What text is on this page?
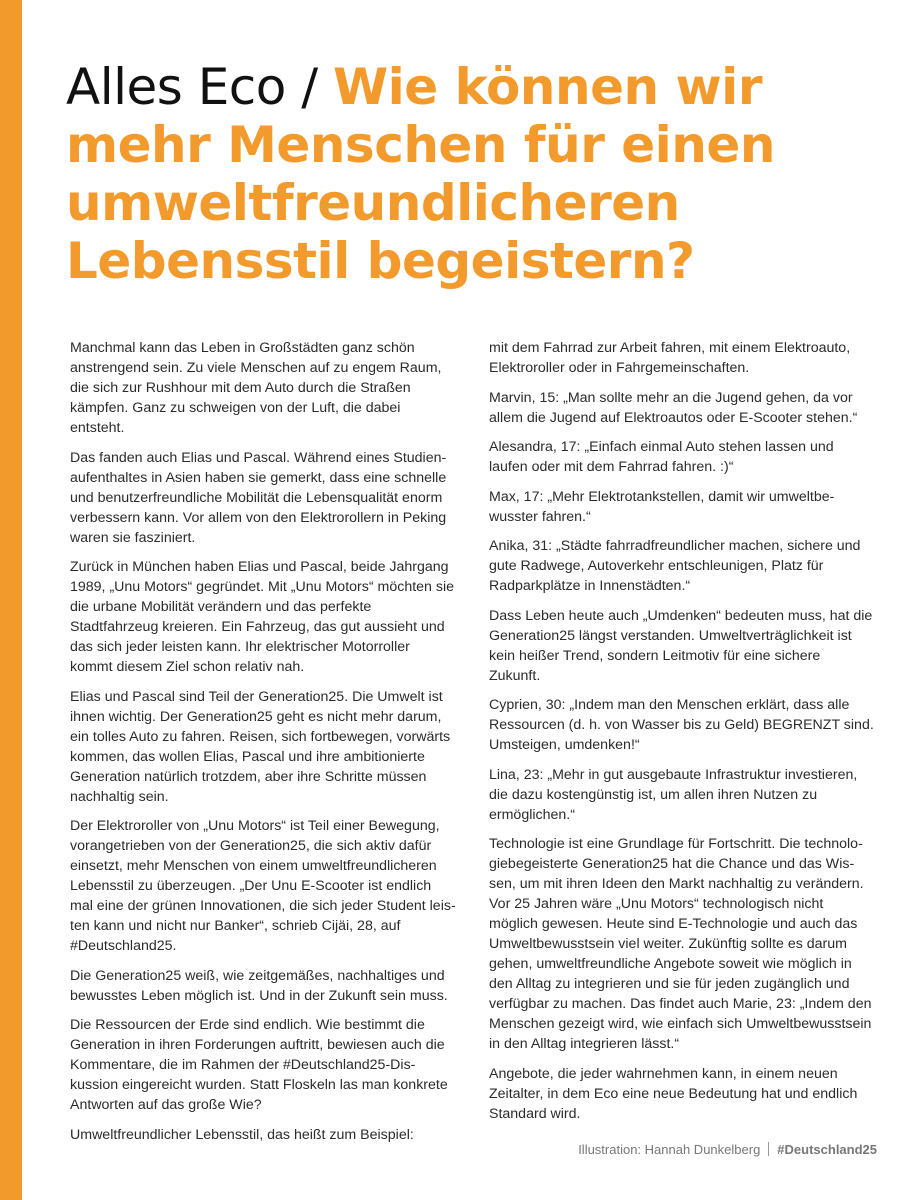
Alles Eco / Wie können wir mehr Menschen für einen umweltfreundlicheren Lebensstil begeistern?

Manchmal kann das Leben in Großstädten ganz schön anstrengend sein. Zu viele Menschen auf zu engem Raum, die sich zur Rushhour mit dem Auto durch die Straßen kämpfen. Ganz zu schweigen von der Luft, die dabei entsteht.

Das fanden auch Elias und Pascal. Während eines Studienaufenthaltes in Asien haben sie gemerkt, dass eine schnelle und benutzerfreundliche Mobilität die Lebensqualität enorm verbessern kann. Vor allem von den Elektrorollern in Peking waren sie fasziniert.

Zurück in München haben Elias und Pascal, beide Jahrgang 1989, „Unu Motors“ gegründet. Mit „Unu Motors“ möchten sie die urbane Mobilität verändern und das perfekte Stadtfahrzeug kreieren. Ein Fahrzeug, das gut aussieht und das sich jeder leisten kann. Ihr elektrischer Motorroller kommt diesem Ziel schon relativ nah.

Elias und Pascal sind Teil der Generation25. Die Umwelt ist ihnen wichtig. Der Generation25 geht es nicht mehr darum, ein tolles Auto zu fahren. Reisen, sich fortbewegen, vorwärts kommen, das wollen Elias, Pascal und ihre ambitionierte Generation natürlich trotzdem, aber ihre Schritte müssen nachhaltig sein.

Der Elektroroller von „Unu Motors“ ist Teil einer Bewegung, vorangetrieben von der Generation25, die sich aktiv dafür einsetzt, mehr Menschen von einem umweltfreundlicheren Lebensstil zu überzeugen. „Der Unu E-Scooter ist endlich mal eine der grünen Innovationen, die sich jeder Student leisten kann und nicht nur Banker“, schrieb Cijäi, 28, auf #Deutschland25.

Die Generation25 weiß, wie zeitgemäßes, nachhaltiges und bewusstes Leben möglich ist. Und in der Zukunft sein muss.

Die Ressourcen der Erde sind endlich. Wie bestimmt die Generation in ihren Forderungen auftritt, bewiesen auch die Kommentare, die im Rahmen der #Deutschland25-Diskussion eingereicht wurden. Statt Floskeln las man konkrete Antworten auf das große Wie?

Umweltfreundlicher Lebensstil, das heißt zum Beispiel:

mit dem Fahrrad zur Arbeit fahren, mit einem Elektroauto, Elektroroller oder in Fahrgemeinschaften.

Marvin, 15: „Man sollte mehr an die Jugend gehen, da vor allem die Jugend auf Elektroautos oder E-Scooter stehen.“

Alesandra, 17: „Einfach einmal Auto stehen lassen und laufen oder mit dem Fahrrad fahren. :)“

Max, 17: „Mehr Elektrotankstellen, damit wir umweltbewusster fahren.“

Anika, 31: „Städte fahrradfreundlicher machen, sichere und gute Radwege, Autoverkehr entschleunigen, Platz für Radparkplätze in Innenstädten.“

Dass Leben heute auch „Umdenken“ bedeuten muss, hat die Generation25 längst verstanden. Umweltverträglichkeit ist kein heißer Trend, sondern Leitmotiv für eine sichere Zukunft.

Cyprien, 30: „Indem man den Menschen erklärt, dass alle Ressourcen (d. h. von Wasser bis zu Geld) BEGRENZT sind. Umsteigen, umdenken!“

Lina, 23: „Mehr in gut ausgebaute Infrastruktur investieren, die dazu kostengünstig ist, um allen ihren Nutzen zu ermöglichen.“

Technologie ist eine Grundlage für Fortschritt. Die technologiebegeisterte Generation25 hat die Chance und das Wissen, um mit ihren Ideen den Markt nachhaltig zu verändern. Vor 25 Jahren wäre „Unu Motors“ technologisch nicht möglich gewesen. Heute sind E-Technologie und auch das Umweltbewusstsein viel weiter. Zukünftig sollte es darum gehen, umweltfreundliche Angebote soweit wie möglich in den Alltag zu integrieren und sie für jeden zugänglich und verfügbar zu machen. Das findet auch Marie, 23: „Indem den Menschen gezeigt wird, wie einfach sich Umweltbewusstsein in den Alltag integrieren lässt.“

Angebote, die jeder wahrnehmen kann, in einem neuen Zeitalter, in dem Eco eine neue Bedeutung hat und endlich Standard wird.

Illustration: Hannah Dunkelberg #Deutschland25
